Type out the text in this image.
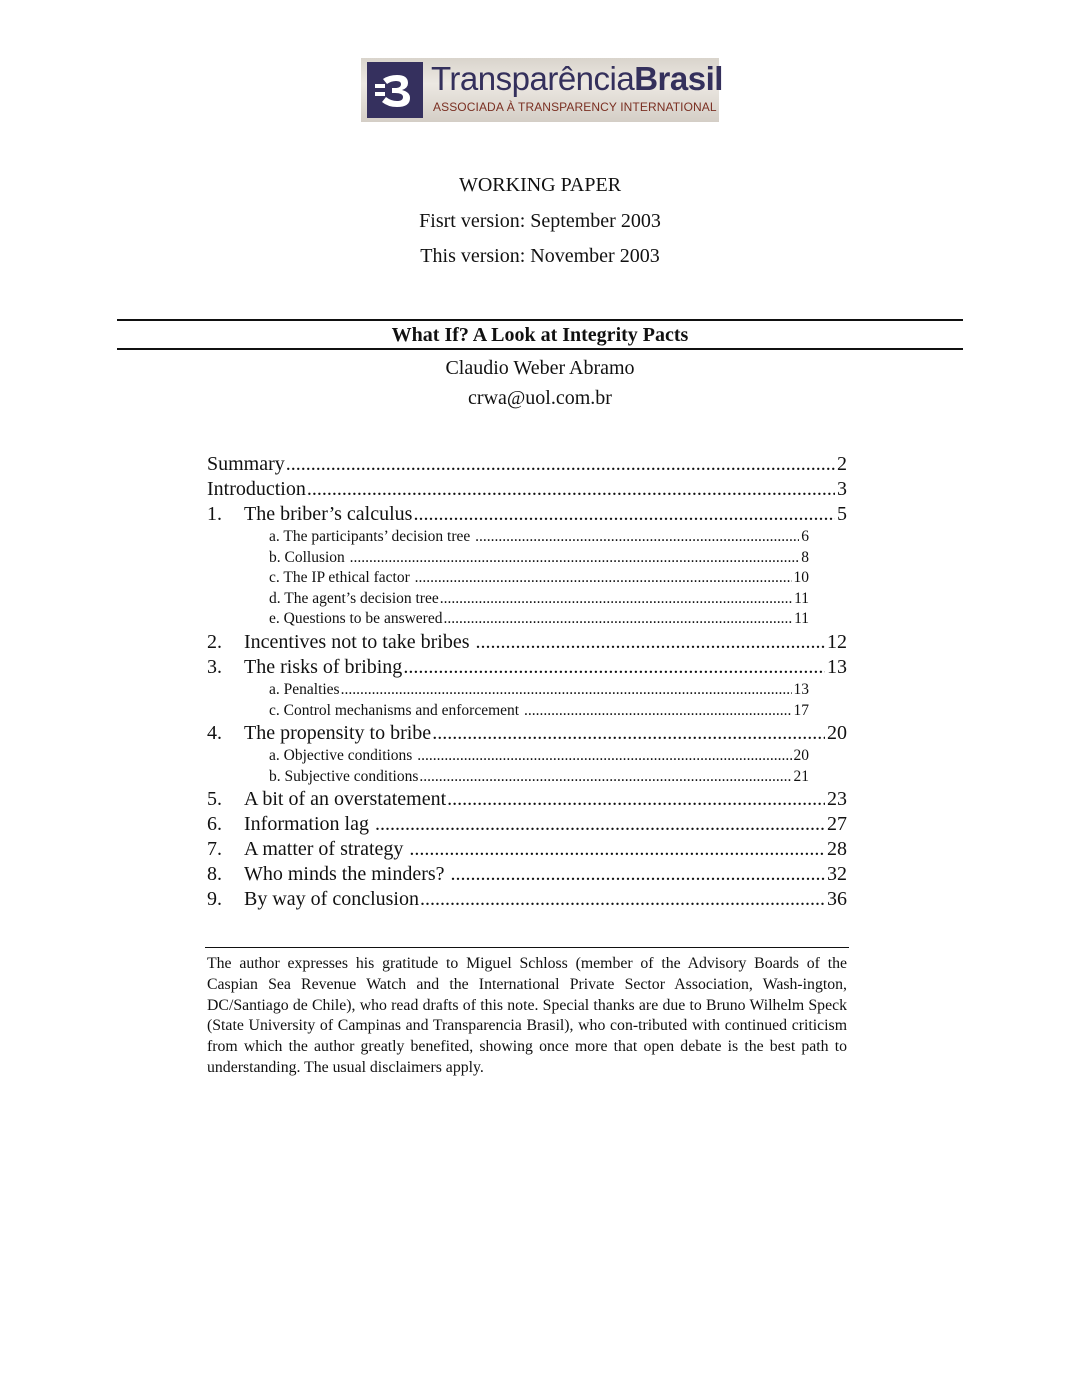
TransparênciaBrasil
ASSOCIADA À TRANSPARENCY INTERNATIONAL
WORKING PAPER
Fisrt version: September 2003
This version: November 2003
What If? A Look at Integrity Pacts
Claudio Weber Abramo
crwa@uol.com.br
Summary .....	2
Introduction .....	3
1.	The briber’s calculus .....	5
a. The participants’ decision tree .....	6
b. Collusion .....	8
c. The IP ethical factor .....	10
d. The agent’s decision tree .....	11
e. Questions to be answered .....	11
2.	Incentives not to take bribes .....	12
3.	The risks of bribing .....	13
a. Penalties .....	13
c. Control mechanisms and enforcement .....	17
4.	The propensity to bribe .....	20
a. Objective conditions .....	20
b. Subjective conditions .....	21
5.	A bit of an overstatement .....	23
6.	Information lag .....	27
7.	A matter of strategy .....	28
8.	Who minds the minders? .....	32
9.	By way of conclusion .....	36
The author expresses his gratitude to Miguel Schloss (member of the Advisory Boards of the Caspian Sea Revenue Watch and the International Private Sector Association, Wash-ington, DC/Santiago de Chile), who read drafts of this note. Special thanks are due to Bruno Wilhelm Speck (State University of Campinas and Transparencia Brasil), who con-tributed with continued criticism from which the author greatly benefited, showing once more that open debate is the best path to understanding. The usual disclaimers apply.
